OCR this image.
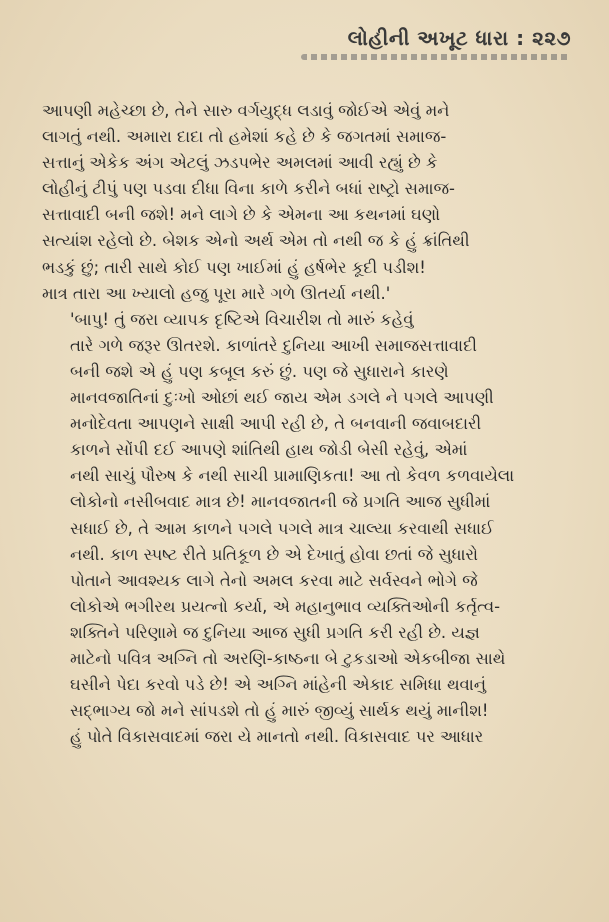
લોહીની અખૂટ ધારા : ૨૨૭

આપણી મહેચ્છા છે, તેને સારુ વર્ગયુદ્ધ લડાવું જોઈએ એવું મને
લાગતું નથી. અમારા દાદા તો હમેશાં કહે છે કે જગતમાં સમાજ-
સત્તાનું એકેક અંગ એટલું ઝડપભેર અમલમાં આવી રહ્યું છે કે
લોહીનું ટીપું પણ પડવા દીધા વિના કાળે કરીને બધાં રાષ્ટ્રો સમાજ-
સત્તાવાદી બની જશે! મને લાગે છે કે એમના આ કથનમાં ઘણો
સત્યાંશ રહેલો છે. બેશક એનો અર્થ એમ તો નથી જ કે હું ક્રાંતિથી
ભડકું છું; તારી સાથે કોઈ પણ ખાઈમાં હું હર્ષભેર કૂદી પડીશ!
માત્ર તારા આ ખ્યાલો હજુ પૂરા મારે ગળે ઊતર્યા નથી.'

'બાપુ! તું જરા વ્યાપક દૃષ્ટિએ વિચારીશ તો મારું કહેવું
તારે ગળે જરૂર ઊતરશે. કાળાંતરે દુનિયા આખી સમાજસત્તાવાદી
બની જશે એ હું પણ કબૂલ કરું છું. પણ જે સુધારાને કારણે
માનવજાતિનાં દુઃખો ઓછાં થઈ જાય એમ ડગલે ને પગલે આપણી
મનોદેવતા આપણને સાક્ષી આપી રહી છે, તે બનવાની જવાબદારી
કાળને સોંપી દઈ આપણે શાંતિથી હાથ જોડી બેસી રહેવું, એમાં
નથી સાચું પૌરુષ કે નથી સાચી પ્રામાણિકતા! આ તો કેવળ કળવાયેલા
લોકોનો નસીબવાદ માત્ર છે! માનવજાતની જે પ્રગતિ આજ સુધીમાં
સધાઈ છે, તે આમ કાળને પગલે પગલે માત્ર ચાલ્યા કરવાથી સધાઈ
નથી. કાળ સ્પષ્ટ રીતે પ્રતિકૂળ છે એ દેખાતું હોવા છતાં જે સુધારો
પોતાને આવશ્યક લાગે તેનો અમલ કરવા માટે સર્વસ્વને ભોગે જે
લોકોએ ભગીરથ પ્રયત્નો કર્યા, એ મહાનુભાવ વ્યક્તિઓની કર્તૃત્વ-
શક્તિને પરિણામે જ દુનિયા આજ સુધી પ્રગતિ કરી રહી છે. યજ્ઞ
માટેનો પવિત્ર અગ્નિ તો અરણિ-કાષ્ઠના બે ટુકડાઓ એકબીજા સાથે
ઘસીને પેદા કરવો પડે છે! એ અગ્નિ માંહેની એકાદ સમિધા થવાનું
સદ્‌ભાગ્ય જો મને સાંપડશે તો હું મારું જીવ્યું સાર્થક થયું માનીશ!
હું પોતે વિકાસવાદમાં જરા યે માનતો નથી. વિકાસવાદ પર આધાર
